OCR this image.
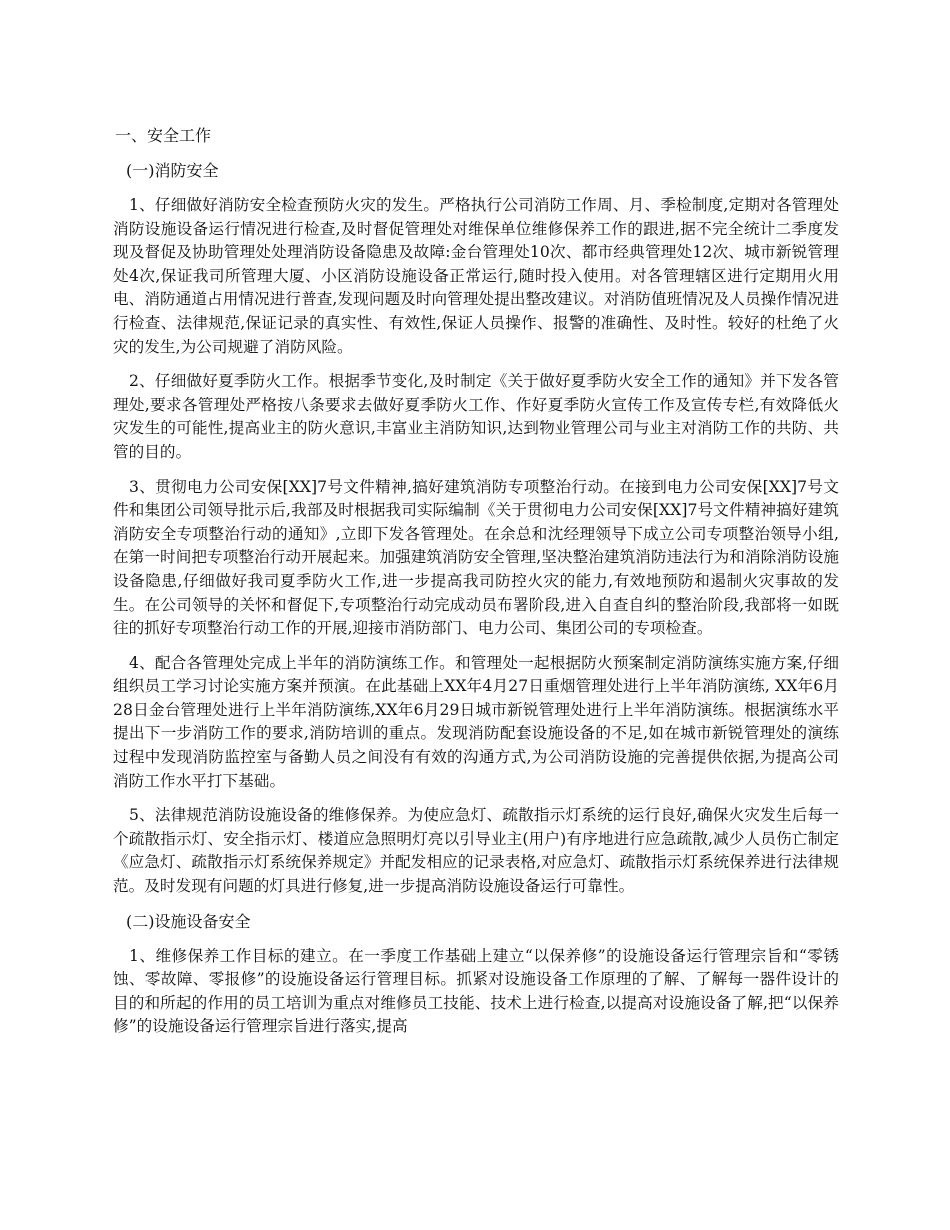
一、安全工作
(一)消防安全

1、仔细做好消防安全检查预防火灾的发生。严格执行公司消防工作周、月、季检制度,定期对各管理处消防设施设备运行情况进行检查,及时督促管理处对维保单位维修保养工作的跟进,据不完全统计二季度发现及督促及协助管理处处理消防设备隐患及故障:金台管理处10次、都市经典管理处12次、城市新锐管理处4次,保证我司所管理大厦、小区消防设施设备正常运行,随时投入使用。对各管理辖区进行定期用火用电、消防通道占用情况进行普查,发现问题及时向管理处提出整改建议。对消防值班情况及人员操作情况进行检查、法律规范,保证记录的真实性、有效性,保证人员操作、报警的准确性、及时性。较好的杜绝了火灾的发生,为公司规避了消防风险。

2、仔细做好夏季防火工作。根据季节变化,及时制定《关于做好夏季防火安全工作的通知》并下发各管理处,要求各管理处严格按八条要求去做好夏季防火工作、作好夏季防火宣传工作及宣传专栏,有效降低火灾发生的可能性,提高业主的防火意识,丰富业主消防知识,达到物业管理公司与业主对消防工作的共防、共管的目的。

3、贯彻电力公司安保[XX]7号文件精神,搞好建筑消防专项整治行动。在接到电力公司安保[XX]7号文件和集团公司领导批示后,我部及时根据我司实际编制《关于贯彻电力公司安保[XX]7号文件精神搞好建筑消防安全专项整治行动的通知》,立即下发各管理处。在余总和沈经理领导下成立公司专项整治领导小组,在第一时间把专项整治行动开展起来。加强建筑消防安全管理,坚决整治建筑消防违法行为和消除消防设施设备隐患,仔细做好我司夏季防火工作,进一步提高我司防控火灾的能力,有效地预防和遏制火灾事故的发生。在公司领导的关怀和督促下,专项整治行动完成动员布署阶段,进入自查自纠的整治阶段,我部将一如既往的抓好专项整治行动工作的开展,迎接市消防部门、电力公司、集团公司的专项检查。

4、配合各管理处完成上半年的消防演练工作。和管理处一起根据防火预案制定消防演练实施方案,仔细组织员工学习讨论实施方案并预演。在此基础上XX年4月27日重烟管理处进行上半年消防演练, XX年6月28日金台管理处进行上半年消防演练,XX年6月29日城市新锐管理处进行上半年消防演练。根据演练水平提出下一步消防工作的要求,消防培训的重点。发现消防配套设施设备的不足,如在城市新锐管理处的演练过程中发现消防监控室与备勤人员之间没有有效的沟通方式,为公司消防设施的完善提供依据,为提高公司消防工作水平打下基础。

5、法律规范消防设施设备的维修保养。为使应急灯、疏散指示灯系统的运行良好,确保火灾发生后每一个疏散指示灯、安全指示灯、楼道应急照明灯亮以引导业主(用户)有序地进行应急疏散,减少人员伤亡制定《应急灯、疏散指示灯系统保养规定》并配发相应的记录表格,对应急灯、疏散指示灯系统保养进行法律规范。及时发现有问题的灯具进行修复,进一步提高消防设施设备运行可靠性。

(二)设施设备安全

1、维修保养工作目标的建立。在一季度工作基础上建立“以保养修”的设施设备运行管理宗旨和“零锈蚀、零故障、零报修”的设施设备运行管理目标。抓紧对设施设备工作原理的了解、了解每一器件设计的目的和所起的作用的员工培训为重点对维修员工技能、技术上进行检查,以提高对设施设备了解,把“以保养修”的设施设备运行管理宗旨进行落实,提高
